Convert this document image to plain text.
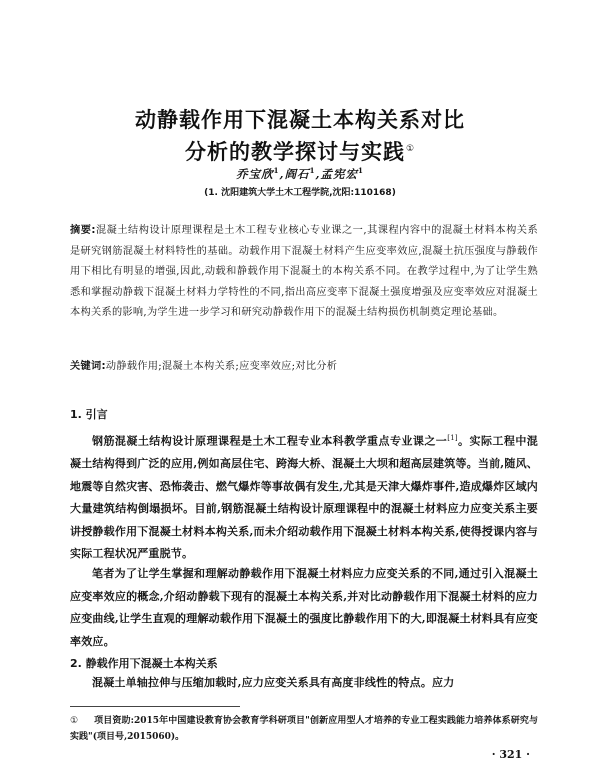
动静载作用下混凝土本构关系对比
分析的教学探讨与实践①
乔宝欣$^1$,阎石$^1$,孟宪宏$^1$
(1. 沈阳建筑大学土木工程学院,沈阳:110168)
摘要:混凝土结构设计原理课程是土木工程专业核心专业课之一,其课程内容中的混凝土材料本构关系是研究钢筋混凝土材料特性的基础。动载作用下混凝土材料产生应变率效应,混凝土抗压强度与静载作用下相比有明显的增强,因此,动载和静载作用下混凝土的本构关系不同。在教学过程中,为了让学生熟悉和掌握动静载下混凝土材料力学特性的不同,指出高应变率下混凝土强度增强及应变率效应对混凝土本构关系的影响,为学生进一步学习和研究动静载作用下的混凝土结构损伤机制奠定理论基础。
关键词:动静载作用;混凝土本构关系;应变率效应;对比分析
1. 引言
钢筋混凝土结构设计原理课程是土木工程专业本科教学重点专业课之一[1]。实际工程中混凝土结构得到广泛的应用,例如高层住宅、跨海大桥、混凝土大坝和超高层建筑等。当前,随风、地震等自然灾害、恐怖袭击、燃气爆炸等事故偶有发生,尤其是天津大爆炸事件,造成爆炸区域内大量建筑结构倒塌损坏。目前,钢筋混凝土结构设计原理课程中的混凝土材料应力应变关系主要讲授静载作用下混凝土材料本构关系,而未介绍动载作用下混凝土材料本构关系,使得授课内容与实际工程状况严重脱节。
笔者为了让学生掌握和理解动静载作用下混凝土材料应力应变关系的不同,通过引入混凝土应变率效应的概念,介绍动静载下现有的混凝土本构关系,并对比动静载作用下混凝土材料的应力应变曲线,让学生直观的理解动载作用下混凝土的强度比静载作用下的大,即混凝土材料具有应变率效应。
2. 静载作用下混凝土本构关系
混凝土单轴拉伸与压缩加载时,应力应变关系具有高度非线性的特点。应力
① 项目资助:2015年中国建设教育协会教育学科研项目"创新应用型人才培养的专业工程实践能力培养体系研究与实践"(项目号,2015060)。
· 321 ·
